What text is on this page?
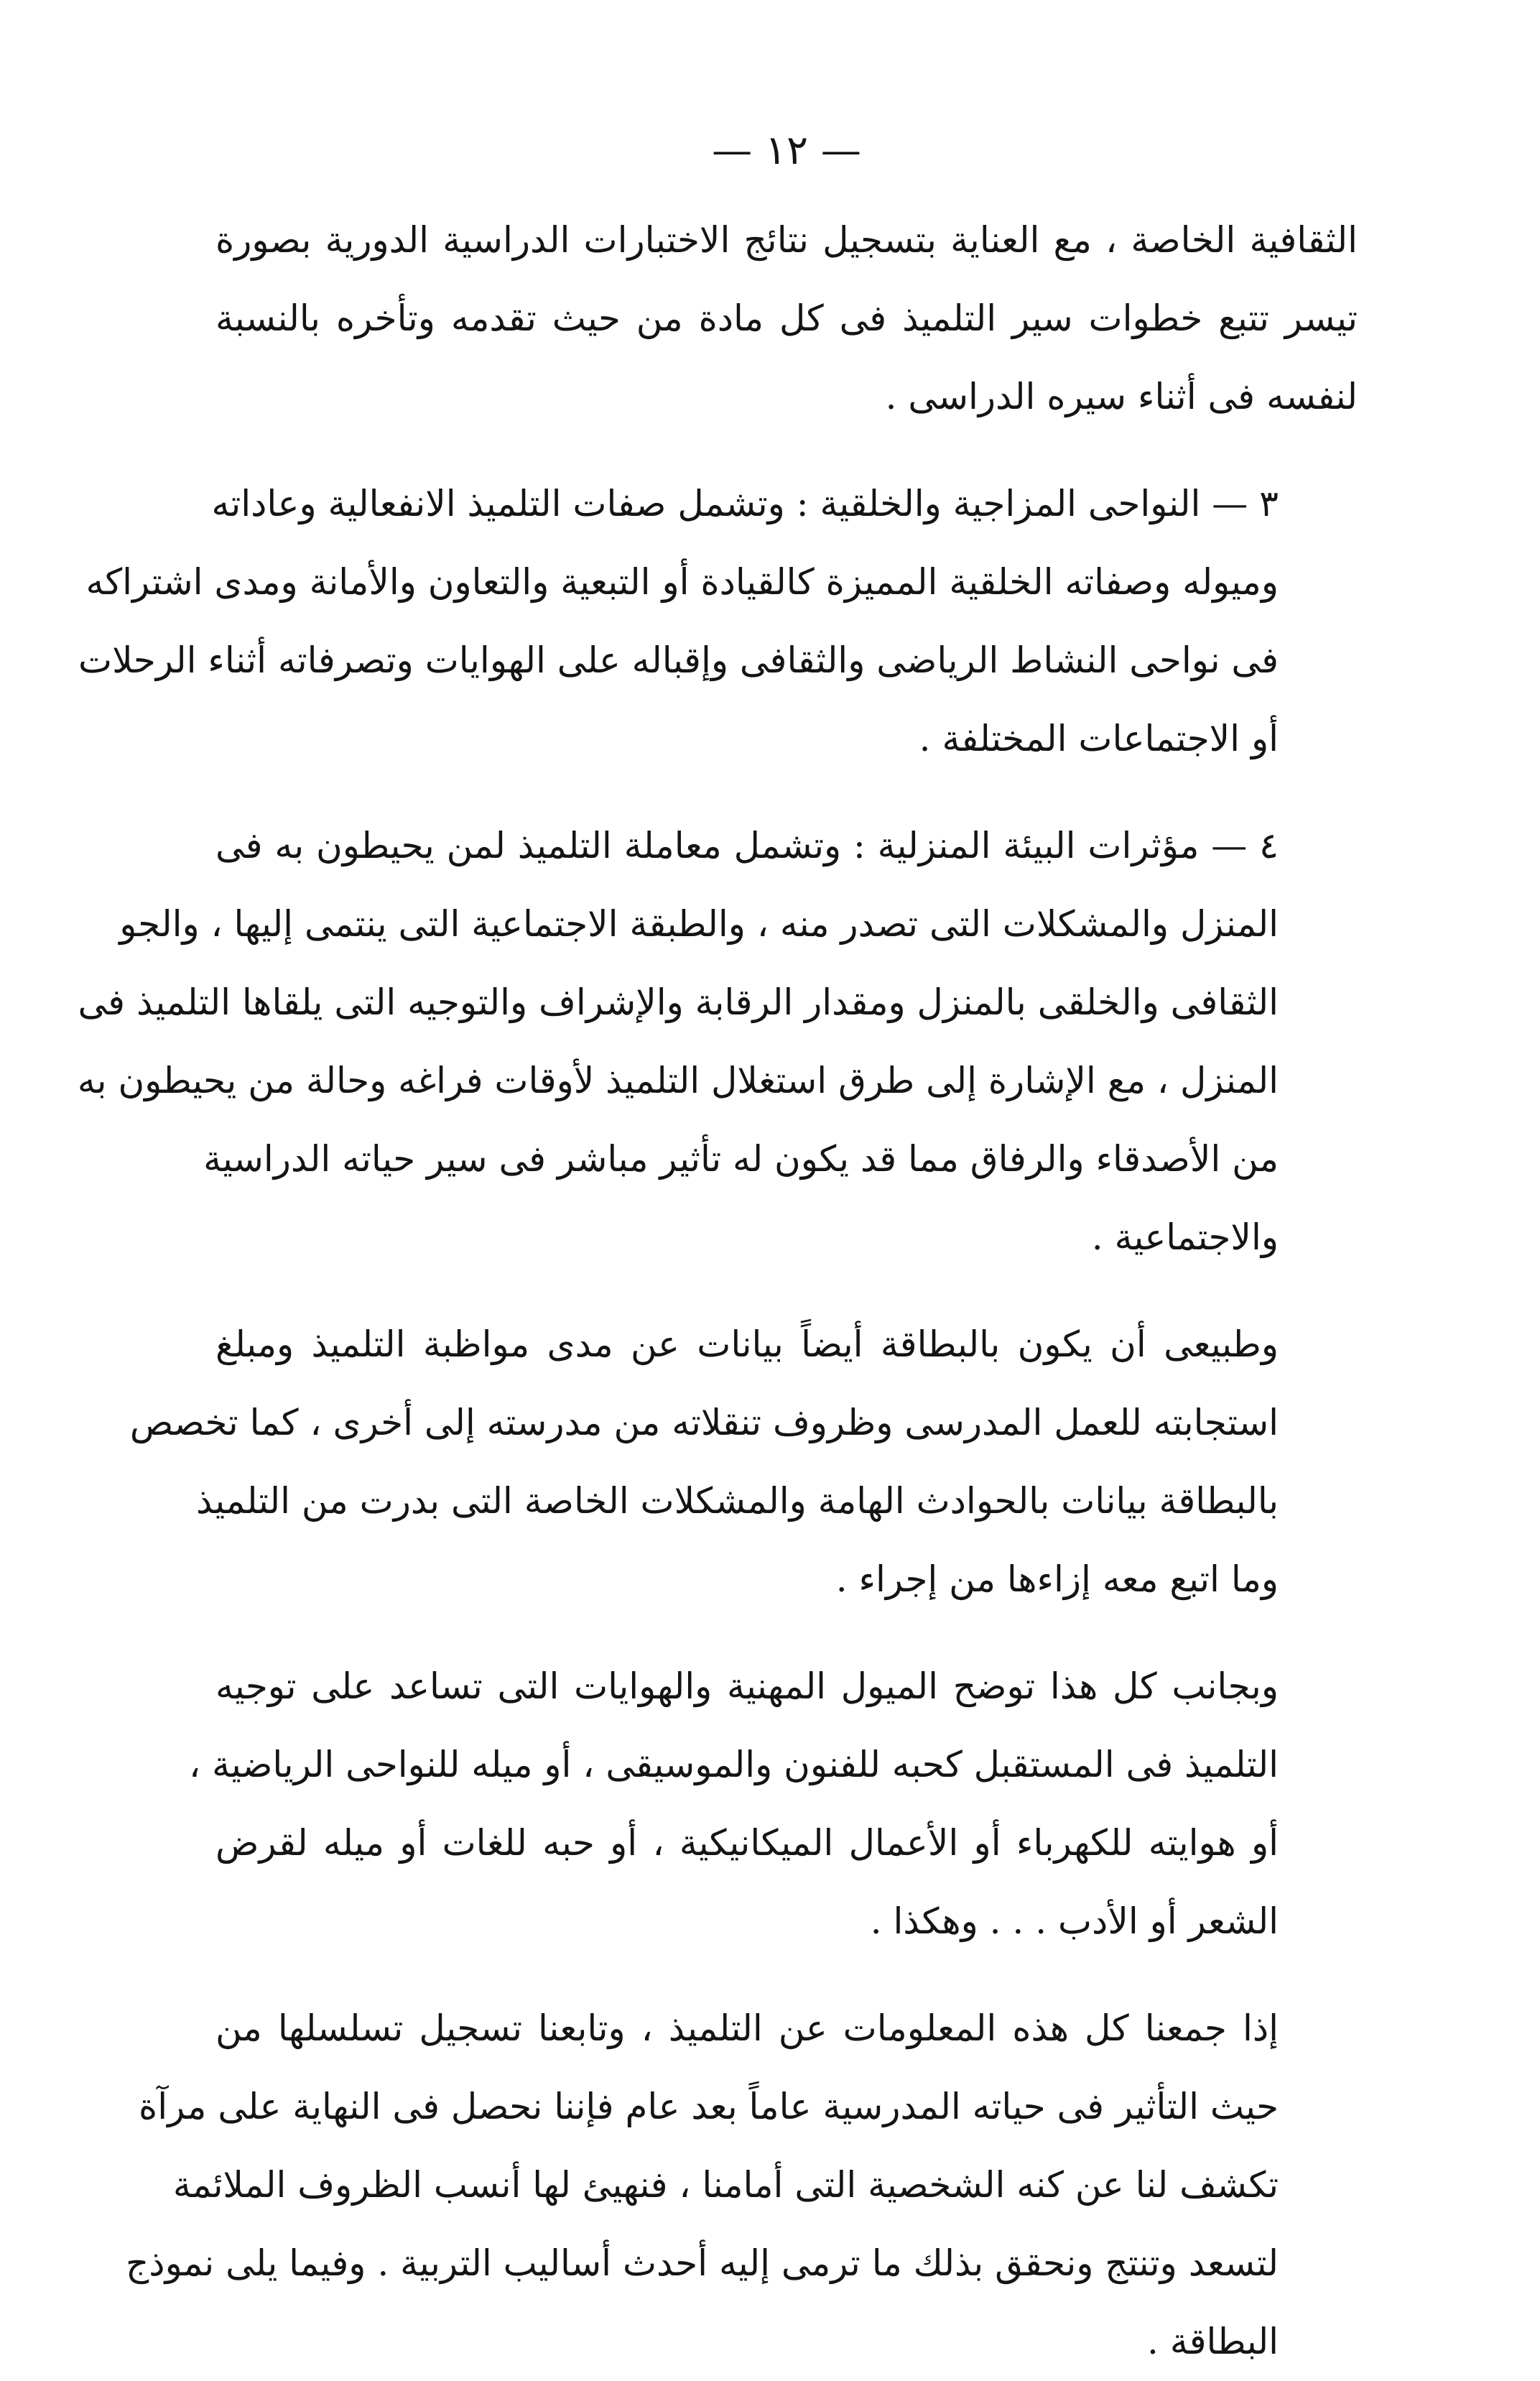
— ١٢ —

الثقافية الخاصة ، مع العناية بتسجيل نتائج الاختبارات الدراسية الدورية بصورة
تيسر تتبع خطوات سير التلميذ فى كل مادة من حيث تقدمه وتأخره بالنسبة
لنفسه فى أثناء سيره الدراسى .

٣ — النواحى المزاجية والخلقية : وتشمل صفات التلميذ الانفعالية وعاداته
وميوله وصفاته الخلقية المميزة كالقيادة أو التبعية والتعاون والأمانة ومدى اشتراكه
فى نواحى النشاط الرياضى والثقافى وإقباله على الهوايات وتصرفاته أثناء الرحلات
أو الاجتماعات المختلفة .

٤ — مؤثرات البيئة المنزلية : وتشمل معاملة التلميذ لمن يحيطون به فى
المنزل والمشكلات التى تصدر منه ، والطبقة الاجتماعية التى ينتمى إليها ، والجو
الثقافى والخلقى بالمنزل ومقدار الرقابة والإشراف والتوجيه التى يلقاها التلميذ فى
المنزل ، مع الإشارة إلى طرق استغلال التلميذ لأوقات فراغه وحالة من يحيطون به
من الأصدقاء والرفاق مما قد يكون له تأثير مباشر فى سير حياته الدراسية
والاجتماعية .

وطبيعى أن يكون بالبطاقة أيضاً بيانات عن مدى مواظبة التلميذ ومبلغ
استجابته للعمل المدرسى وظروف تنقلاته من مدرسته إلى أخرى ، كما تخصص
بالبطاقة بيانات بالحوادث الهامة والمشكلات الخاصة التى بدرت من التلميذ
وما اتبع معه إزاءها من إجراء .

وبجانب كل هذا توضح الميول المهنية والهوايات التى تساعد على توجيه
التلميذ فى المستقبل كحبه للفنون والموسيقى ، أو ميله للنواحى الرياضية ،
أو هوايته للكهرباء أو الأعمال الميكانيكية ، أو حبه للغات أو ميله لقرض
الشعر أو الأدب . . . وهكذا .

إذا جمعنا كل هذه المعلومات عن التلميذ ، وتابعنا تسجيل تسلسلها من
حيث التأثير فى حياته المدرسية عاماً بعد عام فإننا نحصل فى النهاية على مرآة
تكشف لنا عن كنه الشخصية التى أمامنا ، فنهيئ لها أنسب الظروف الملائمة
لتسعد وتنتج ونحقق بذلك ما ترمى إليه أحدث أساليب التربية . وفيما يلى نموذج
البطاقة .
